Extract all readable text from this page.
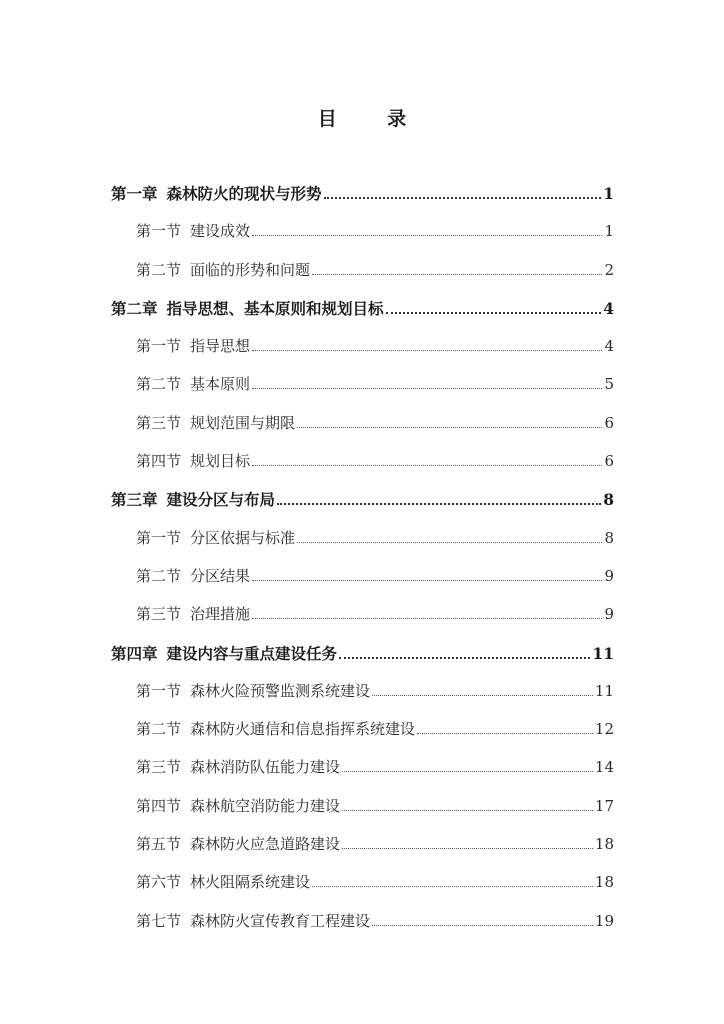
目 录
第一章 森林防火的现状与形势	1
第一节 建设成效	1
第二节 面临的形势和问题	2
第二章 指导思想、基本原则和规划目标	4
第一节 指导思想	4
第二节 基本原则	5
第三节 规划范围与期限	6
第四节 规划目标	6
第三章 建设分区与布局	8
第一节 分区依据与标准	8
第二节 分区结果	9
第三节 治理措施	9
第四章 建设内容与重点建设任务	11
第一节 森林火险预警监测系统建设	11
第二节 森林防火通信和信息指挥系统建设	12
第三节 森林消防队伍能力建设	14
第四节 森林航空消防能力建设	17
第五节 森林防火应急道路建设	18
第六节 林火阻隔系统建设	18
第七节 森林防火宣传教育工程建设	19
